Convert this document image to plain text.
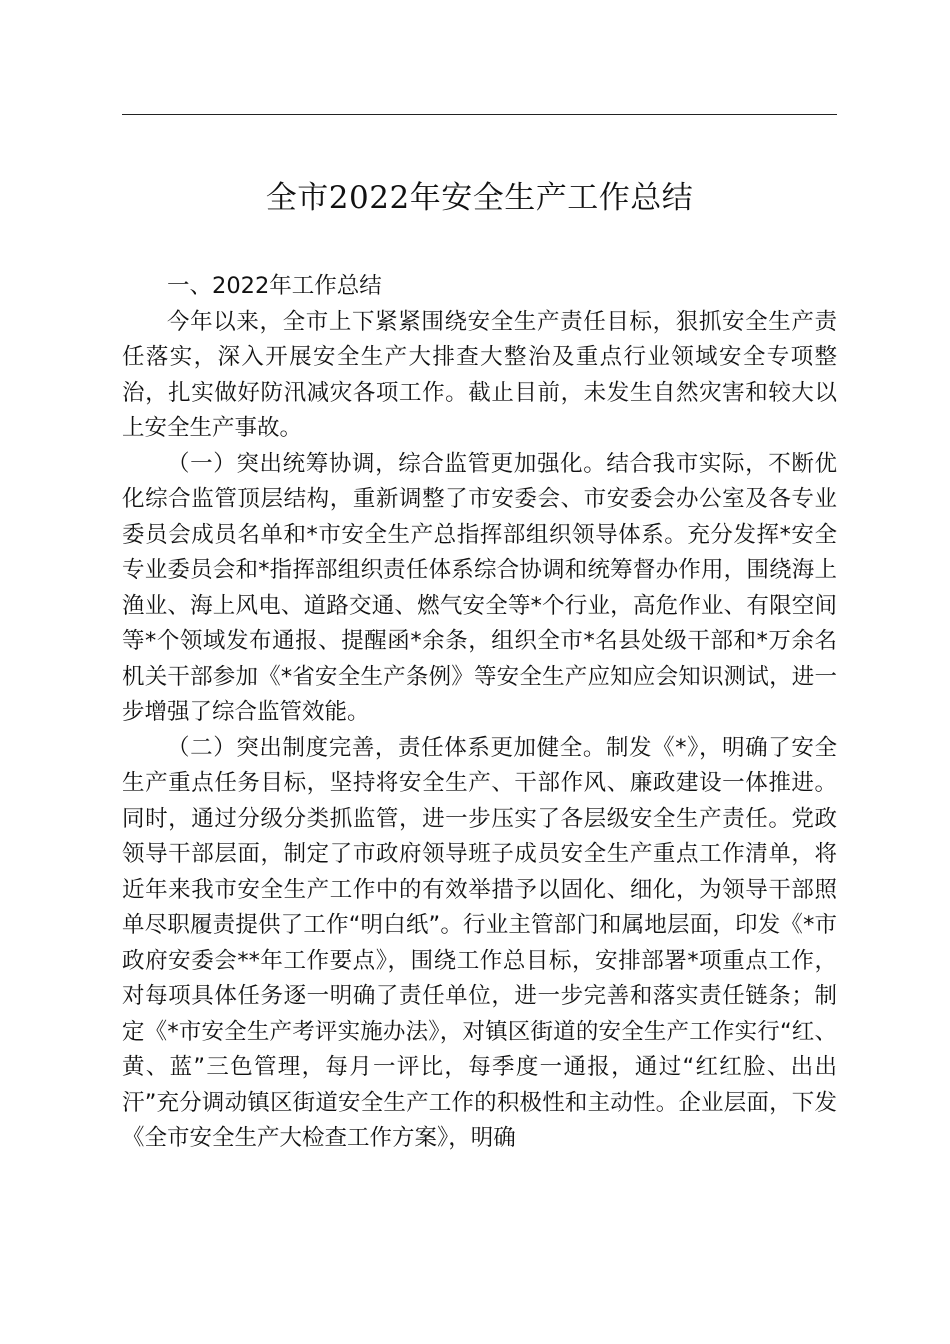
全市2022年安全生产工作总结

一、2022年工作总结

今年以来，全市上下紧紧围绕安全生产责任目标，狠抓安全生产责任落实，深入开展安全生产大排查大整治及重点行业领域安全专项整治，扎实做好防汛减灾各项工作。截止目前，未发生自然灾害和较大以上安全生产事故。

（一）突出统筹协调，综合监管更加强化。结合我市实际，不断优化综合监管顶层结构，重新调整了市安委会、市安委会办公室及各专业委员会成员名单和*市安全生产总指挥部组织领导体系。充分发挥*安全专业委员会和*指挥部组织责任体系综合协调和统筹督办作用，围绕海上渔业、海上风电、道路交通、燃气安全等*个行业，高危作业、有限空间等*个领域发布通报、提醒函*余条，组织全市*名县处级干部和*万余名机关干部参加《*省安全生产条例》等安全生产应知应会知识测试，进一步增强了综合监管效能。

（二）突出制度完善，责任体系更加健全。制发《*》，明确了安全生产重点任务目标，坚持将安全生产、干部作风、廉政建设一体推进。同时，通过分级分类抓监管，进一步压实了各层级安全生产责任。党政领导干部层面，制定了市政府领导班子成员安全生产重点工作清单，将近年来我市安全生产工作中的有效举措予以固化、细化，为领导干部照单尽职履责提供了工作“明白纸”。行业主管部门和属地层面，印发《*市政府安委会**年工作要点》，围绕工作总目标，安排部署*项重点工作，对每项具体任务逐一明确了责任单位，进一步完善和落实责任链条；制定《*市安全生产考评实施办法》，对镇区街道的安全生产工作实行“红、黄、蓝”三色管理，每月一评比，每季度一通报，通过“红红脸、出出汗”充分调动镇区街道安全生产工作的积极性和主动性。企业层面，下发《全市安全生产大检查工作方案》，明确
